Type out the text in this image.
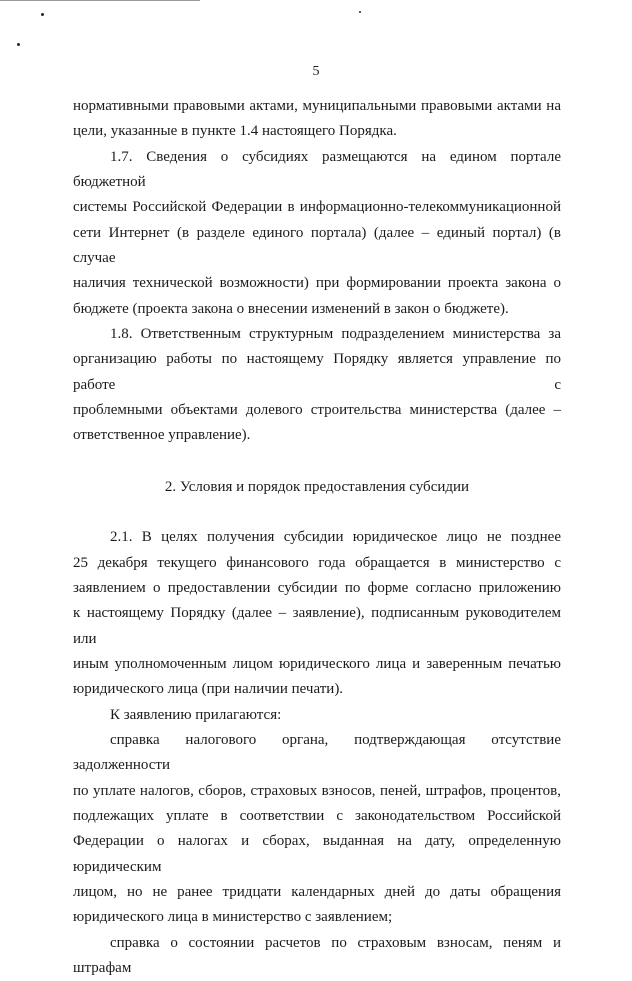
5

нормативными правовыми актами, муниципальными правовыми актами на

цели, указанные в пункте 1.4 настоящего Порядка.

1.7. Сведения о субсидиях размещаются на едином портале бюджетной

системы Российской Федерации в информационно-телекоммуникационной

сети Интернет (в разделе единого портала) (далее – единый портал) (в случае

наличия технической возможности) при формировании проекта закона о

бюджете (проекта закона о внесении изменений в закон о бюджете).

1.8. Ответственным структурным подразделением министерства за

организацию работы по настоящему Порядку является управление по работе с

проблемными объектами долевого строительства министерства (далее –

ответственное управление).

2. Условия и порядок предоставления субсидии

2.1. В целях получения субсидии юридическое лицо не позднее

25 декабря текущего финансового года обращается в министерство с

заявлением о предоставлении субсидии по форме согласно приложению

к настоящему Порядку (далее – заявление), подписанным руководителем или

иным уполномоченным лицом юридического лица и заверенным печатью

юридического лица (при наличии печати).

К заявлению прилагаются:

справка налогового органа, подтверждающая отсутствие задолженности

по уплате налогов, сборов, страховых взносов, пеней, штрафов, процентов,

подлежащих уплате в соответствии с законодательством Российской

Федерации о налогах и сборах, выданная на дату, определенную юридическим

лицом, но не ранее тридцати календарных дней до даты обращения

юридического лица в министерство с заявлением;

справка о состоянии расчетов по страховым взносам, пеням и штрафам
